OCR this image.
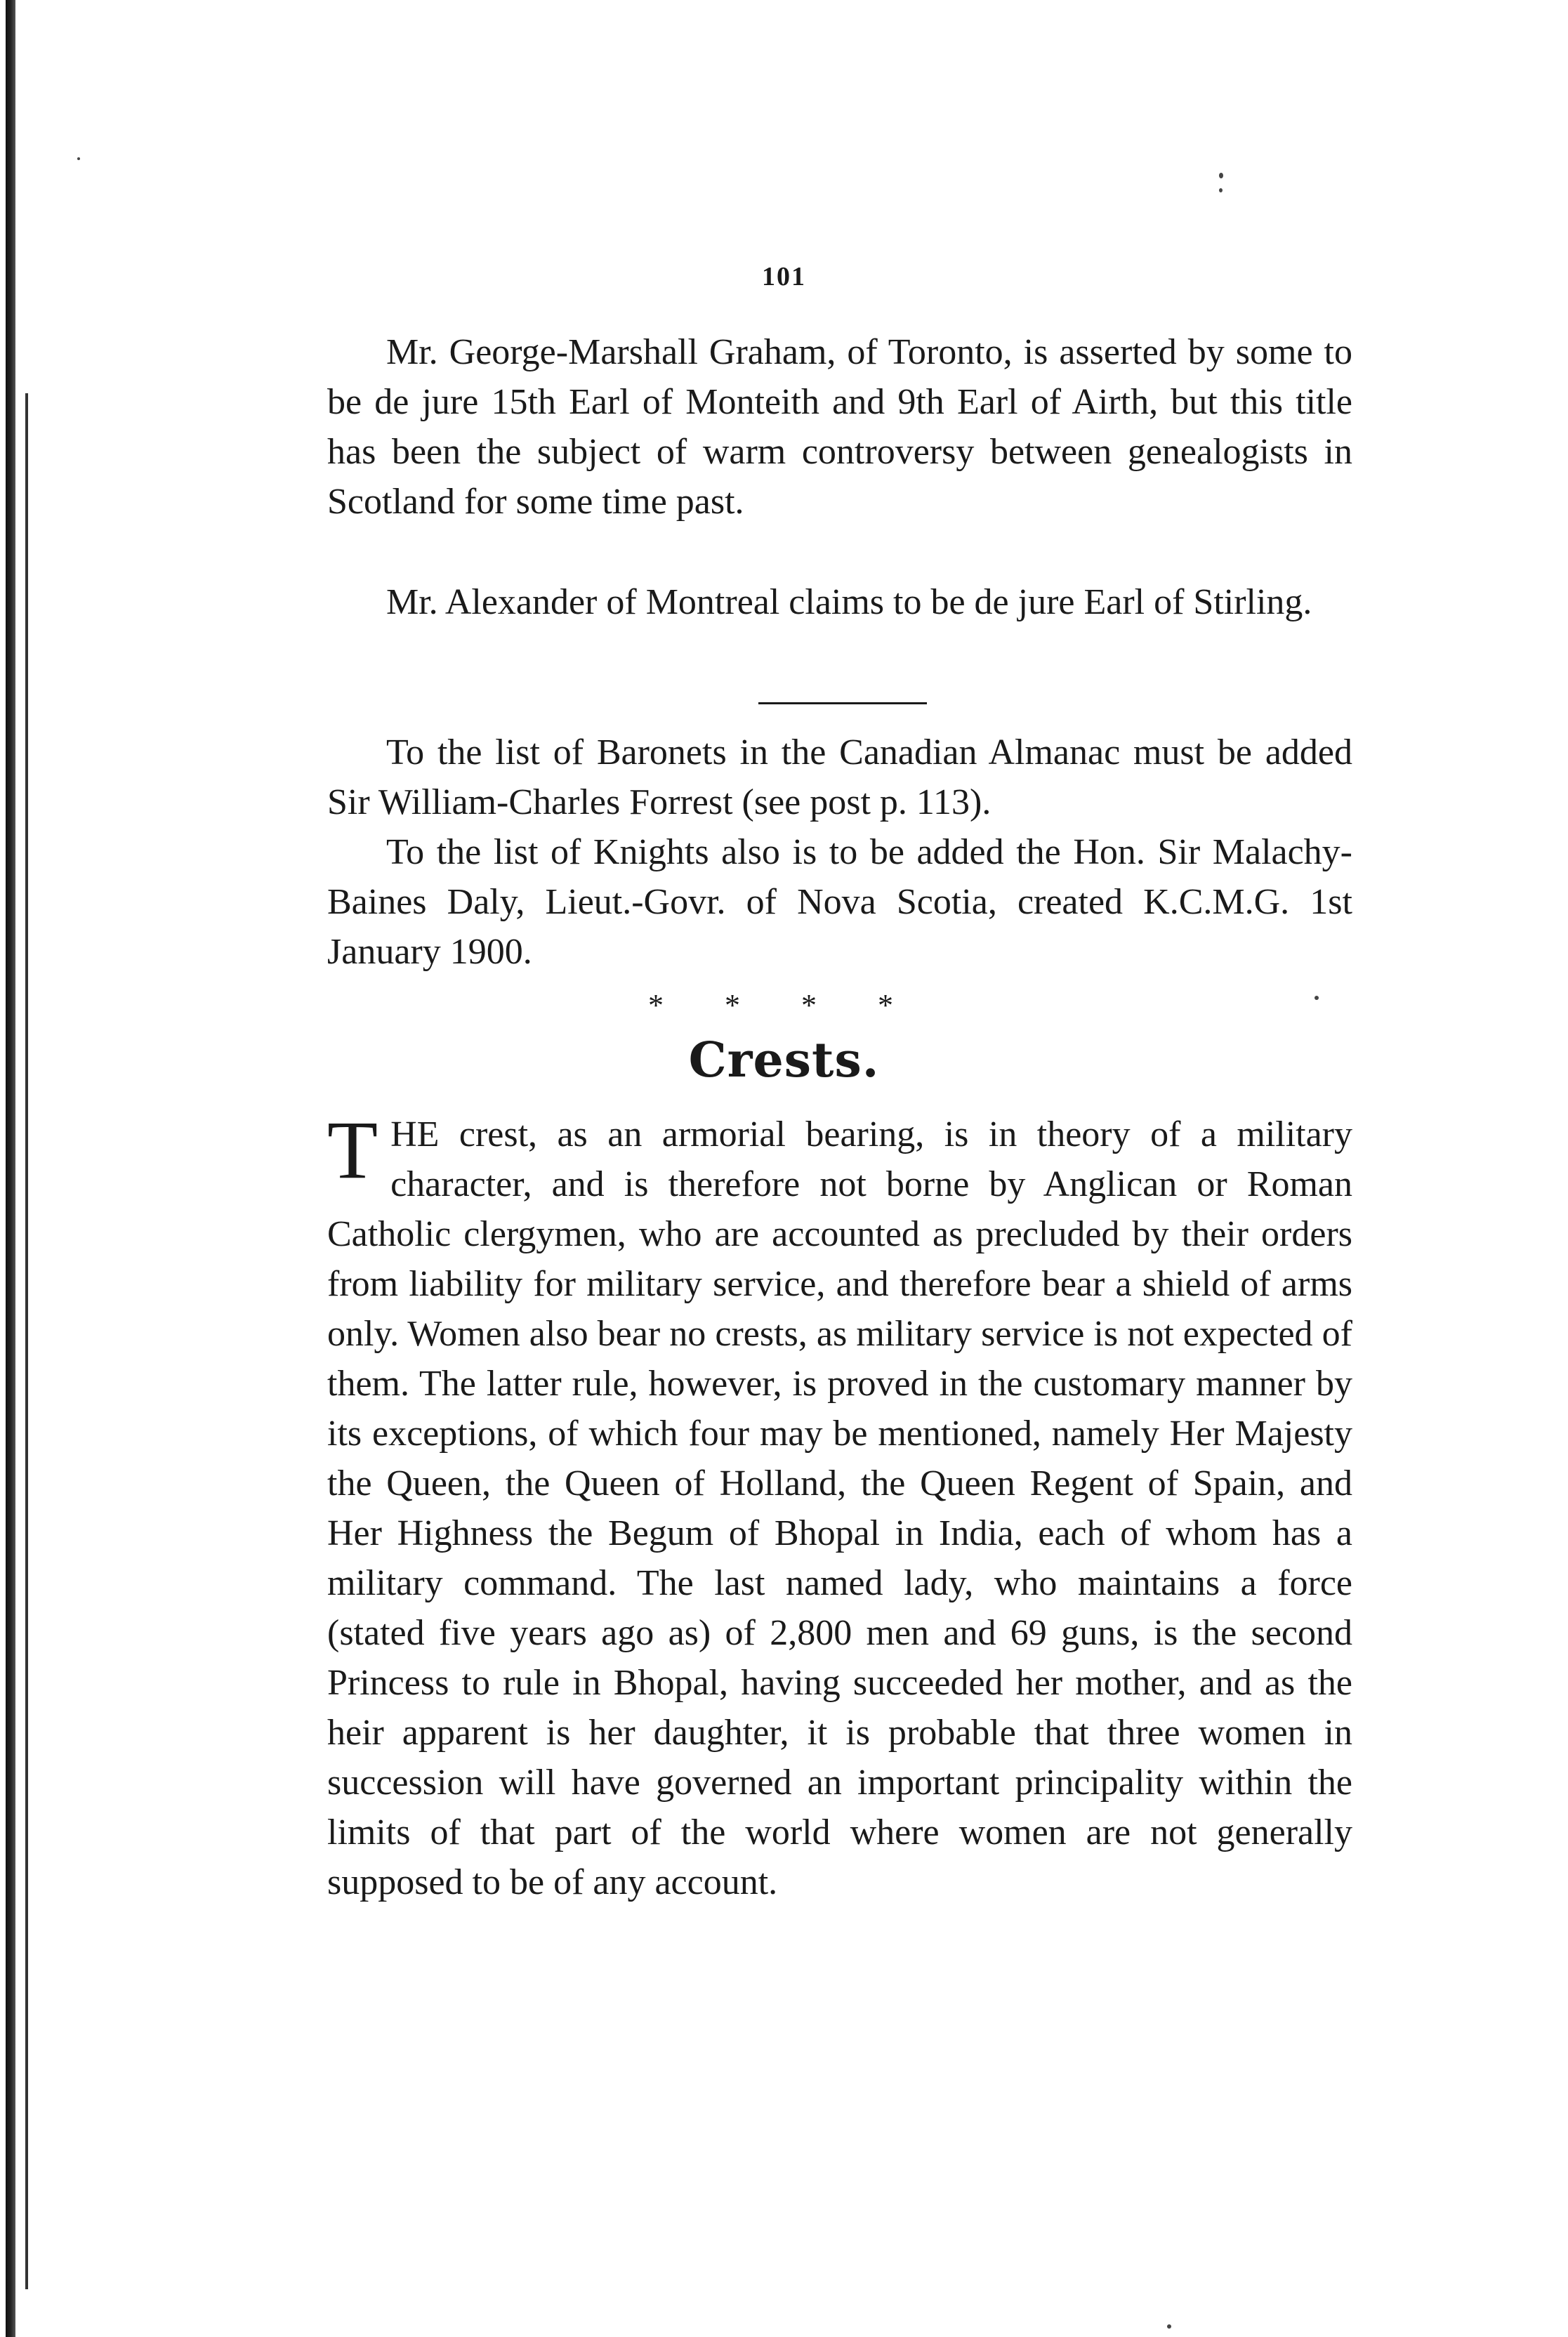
101

Mr. George-Marshall Graham, of Toronto, is asserted by some to be de jure 15th Earl of Monteith and 9th Earl of Airth, but this title has been the subject of warm controversy between genealogists in Scotland for some time past.

Mr. Alexander of Montreal claims to be de jure Earl of Stirling.

To the list of Baronets in the Canadian Almanac must be added Sir William-Charles Forrest (see post p. 113).

To the list of Knights also is to be added the Hon. Sir Malachy-Baines Daly, Lieut.-Govr. of Nova Scotia, created K.C.M.G. 1st January 1900.

* * * *
Crests.
T HE crest, as an armorial bearing, is in theory of a military character, and is therefore not borne by Anglican or Roman Catholic clergymen, who are accounted as precluded by their orders from liability for military service, and therefore bear a shield of arms only. Women also bear no crests, as military service is not expected of them. The latter rule, however, is proved in the customary manner by its exceptions, of which four may be mentioned, namely Her Majesty the Queen, the Queen of Holland, the Queen Regent of Spain, and Her Highness the Begum of Bhopal in India, each of whom has a military command. The last named lady, who maintains a force (stated five years ago as) of 2,800 men and 69 guns, is the second Princess to rule in Bhopal, having succeeded her mother, and as the heir apparent is her daughter, it is probable that three women in succession will have governed an important principality within the limits of that part of the world where women are not generally supposed to be of any account.
